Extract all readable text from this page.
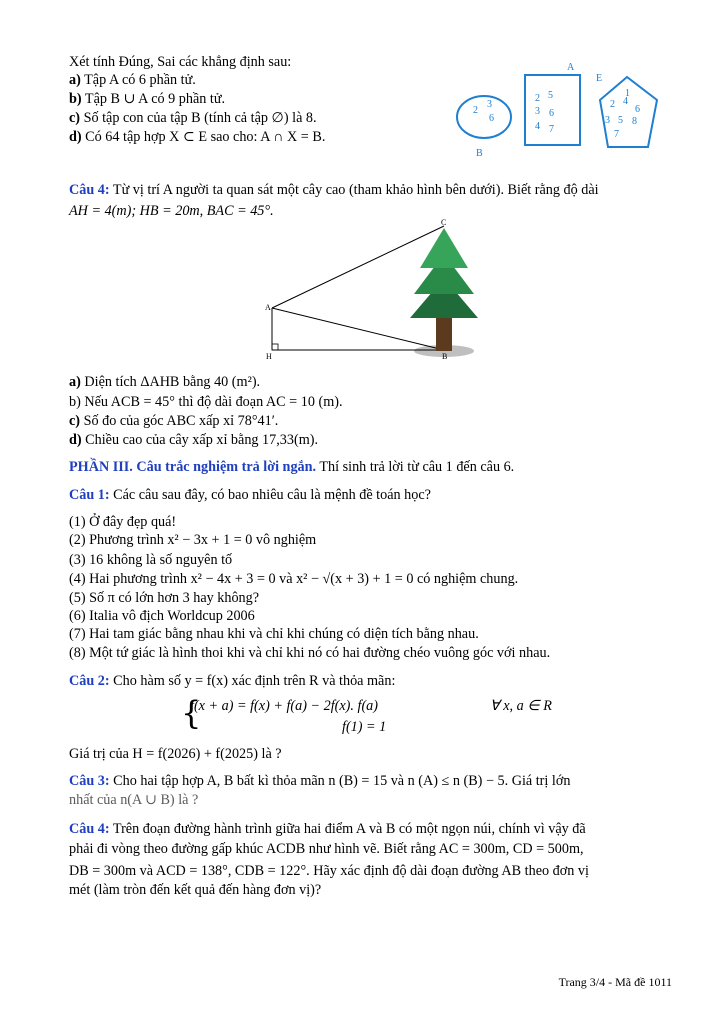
Xét tính Đúng, Sai các khẳng định sau:
a) Tập A có 6 phần tử.
b) Tập B ∪ A có 9 phần tử.
c) Số tập con của tập B (tính cả tập ∅) là 8.
d) Có 64 tập hợp X ⊂ E sao cho: A ∩ X = B.
A
E
B
2
3
6
2 5
3 6
4 7
1
2 4
6
3 5 8
7
Câu 4: Từ vị trí A người ta quan sát một cây cao (tham khảo hình bên dưới). Biết rằng độ dài
AH = 4(m); HB = 20m, BAC = 45°.
C
A
H	B
a) Diện tích ΔAHB bằng 40 (m²).
b) Nếu ACB = 45° thì độ dài đoạn AC = 10 (m).
c) Số đo của góc ABC xấp xỉ 78°41′.
d) Chiều cao của cây xấp xỉ bằng 17,33(m).
PHẦN III. Câu trắc nghiệm trả lời ngắn. Thí sinh trả lời từ câu 1 đến câu 6.
Câu 1: Các câu sau đây, có bao nhiêu câu là mệnh đề toán học?
(1) Ở đây đẹp quá!
(2) Phương trình x² − 3x + 1 = 0 vô nghiệm
(3) 16 không là số nguyên tố
(4) Hai phương trình x² − 4x + 3 = 0 và x² − √(x + 3) + 1 = 0 có nghiệm chung.
(5) Số π có lớn hơn 3 hay không?
(6) Italia vô địch Worldcup 2006
(7) Hai tam giác bằng nhau khi và chỉ khi chúng có diện tích bằng nhau.
(8) Một tứ giác là hình thoi khi và chỉ khi nó có hai đường chéo vuông góc với nhau.
Câu 2: Cho hàm số y = f(x) xác định trên R và thỏa mãn:
{
f(x + a) = f(x) + f(a) − 2f(x). f(a)	∀ x, a ∈ R
f(1) = 1
Giá trị của H = f(2026) + f(2025) là ?
Câu 3: Cho hai tập hợp A, B bất kì thỏa mãn n (B) = 15 và n (A) ≤ n (B) − 5. Giá trị lớn
nhất của n(A ∪ B) là ?
Câu 4: Trên đoạn đường hành trình giữa hai điểm A và B có một ngọn núi, chính vì vậy đã
phải đi vòng theo đường gấp khúc ACDB như hình vẽ. Biết rằng AC = 300m, CD = 500m,
DB = 300m và ACD = 138°, CDB = 122°. Hãy xác định độ dài đoạn đường AB theo đơn vị
mét (làm tròn đến kết quả đến hàng đơn vị)?
Trang 3/4 - Mã đề 1011
